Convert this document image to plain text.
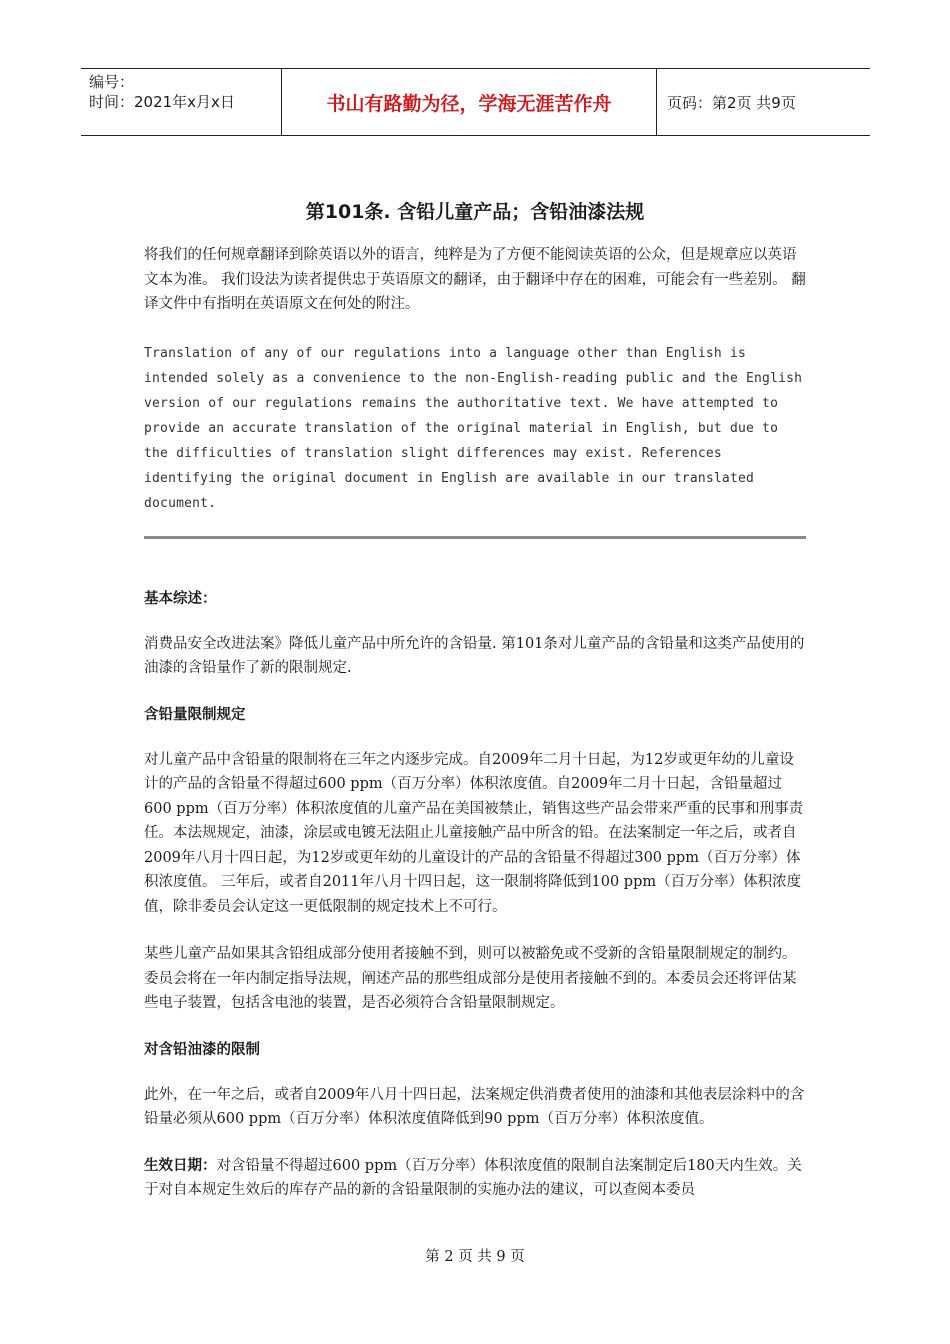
编号：
时间：2021年x月x日	书山有路勤为径，学海无涯苦作舟	页码：第2页 共9页
第101条. 含铅儿童产品；含铅油漆法规

将我们的任何规章翻译到除英语以外的语言，纯粹是为了方便不能阅读英语的公众，但是规章应以英语文本为准。 我们设法为读者提供忠于英语原文的翻译，由于翻译中存在的困难，可能会有一些差别。 翻译文件中有指明在英语原文在何处的附注。

Translation of any of our regulations into a language other than English is intended solely as a convenience to the non-English-reading public and the English version of our regulations remains the authoritative text. We have attempted to provide an accurate translation of the original material in English, but due to the difficulties of translation slight differences may exist. References identifying the original document in English are available in our translated document.

基本综述：

消费品安全改进法案》降低儿童产品中所允许的含铅量. 第101条对儿童产品的含铅量和这类产品使用的油漆的含铅量作了新的限制规定.

含铅量限制规定

对儿童产品中含铅量的限制将在三年之内逐步完成。自2009年二月十日起，为12岁或更年幼的儿童设计的产品的含铅量不得超过600 ppm（百万分率）体积浓度值。自2009年二月十日起，含铅量超过600 ppm（百万分率）体积浓度值的儿童产品在美国被禁止，销售这些产品会带来严重的民事和刑事责任。本法规规定，油漆，涂层或电镀无法阻止儿童接触产品中所含的铅。在法案制定一年之后，或者自2009年八月十四日起，为12岁或更年幼的儿童设计的产品的含铅量不得超过300 ppm（百万分率）体积浓度值。 三年后，或者自2011年八月十四日起，这一限制将降低到100 ppm（百万分率）体积浓度值，除非委员会认定这一更低限制的规定技术上不可行。

某些儿童产品如果其含铅组成部分使用者接触不到，则可以被豁免或不受新的含铅量限制规定的制约。委员会将在一年内制定指导法规，阐述产品的那些组成部分是使用者接触不到的。本委员会还将评估某些电子装置，包括含电池的装置，是否必须符合含铅量限制规定。

对含铅油漆的限制

此外，在一年之后，或者自2009年八月十四日起，法案规定供消费者使用的油漆和其他表层涂料中的含铅量必须从600 ppm（百万分率）体积浓度值降低到90 ppm（百万分率）体积浓度值。

生效日期：对含铅量不得超过600 ppm（百万分率）体积浓度值的限制自法案制定后180天内生效。关于对自本规定生效后的库存产品的新的含铅量限制的实施办法的建议，可以查阅本委员

第 2 页 共 9 页
